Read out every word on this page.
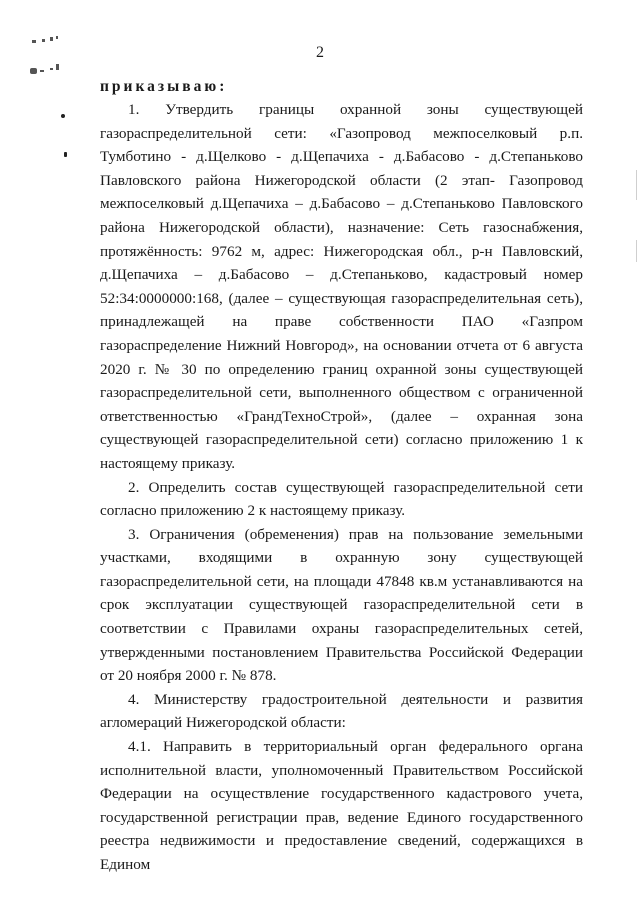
2
приказываю:

1. Утвердить границы охранной зоны существующей газораспределительной сети: «Газопровод межпоселковый р.п. Тумботино - д.Щелково - д.Щепачиха - д.Бабасово - д.Степаньково Павловского района Нижегородской области (2 этап- Газопровод межпоселковый д.Щепачиха – д.Бабасово – д.Степаньково Павловского района Нижегородской области), назначение: Сеть газоснабжения, протяжённость: 9762 м, адрес: Нижегородская обл., р-н Павловский, д.Щепачиха – д.Бабасово – д.Степаньково, кадастровый номер 52:34:0000000:168, (далее – существующая газораспределительная сеть), принадлежащей на праве собственности ПАО «Газпром газораспределение Нижний Новгород», на основании отчета от 6 августа 2020 г. № 30 по определению границ охранной зоны существующей газораспределительной сети, выполненного обществом с ограниченной ответственностью «ГрандТехноСтрой», (далее – охранная зона существующей газораспределительной сети) согласно приложению 1 к настоящему приказу.

2. Определить состав существующей газораспределительной сети согласно приложению 2 к настоящему приказу.

3. Ограничения (обременения) прав на пользование земельными участками, входящими в охранную зону существующей газораспределительной сети, на площади 47848 кв.м устанавливаются на срок эксплуатации существующей газораспределительной сети в соответствии с Правилами охраны газораспределительных сетей, утвержденными постановлением Правительства Российской Федерации от 20 ноября 2000 г. № 878.

4. Министерству градостроительной деятельности и развития агломераций Нижегородской области:

4.1. Направить в территориальный орган федерального органа исполнительной власти, уполномоченный Правительством Российской Федерации на осуществление государственного кадастрового учета, государственной регистрации прав, ведение Единого государственного реестра недвижимости и предоставление сведений, содержащихся в Едином
